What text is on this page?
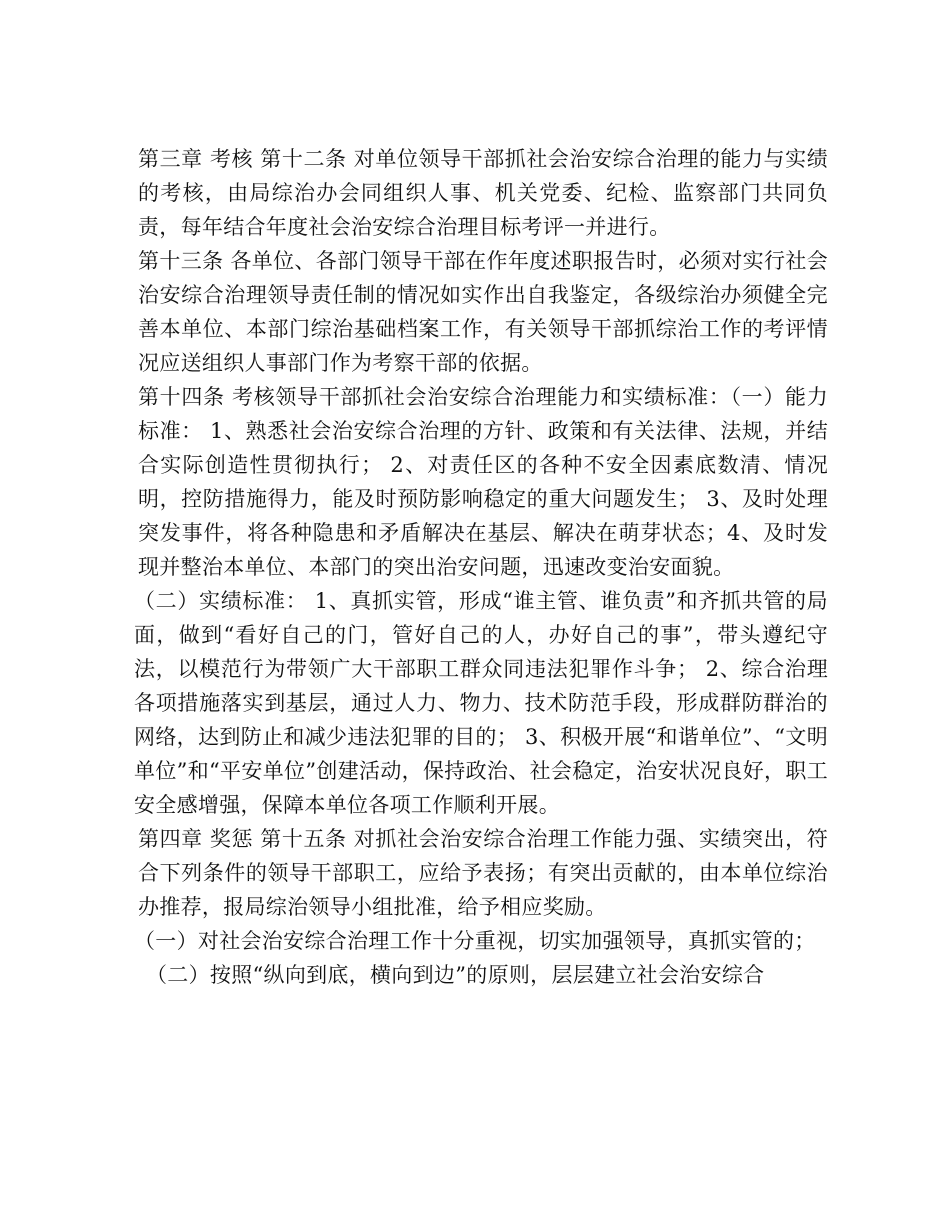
第三章 考核 第十二条 对单位领导干部抓社会治安综合治理的能力与实绩的考核，由局综治办会同组织人事、机关党委、纪检、监察部门共同负责，每年结合年度社会治安综合治理目标考评一并进行。

第十三条 各单位、各部门领导干部在作年度述职报告时，必须对实行社会治安综合治理领导责任制的情况如实作出自我鉴定，各级综治办须健全完善本单位、本部门综治基础档案工作，有关领导干部抓综治工作的考评情况应送组织人事部门作为考察干部的依据。

第十四条 考核领导干部抓社会治安综合治理能力和实绩标准：（一）能力标准： 1、熟悉社会治安综合治理的方针、政策和有关法律、法规，并结合实际创造性贯彻执行； 2、对责任区的各种不安全因素底数清、情况明，控防措施得力，能及时预防影响稳定的重大问题发生； 3、及时处理突发事件，将各种隐患和矛盾解决在基层、解决在萌芽状态；4、及时发现并整治本单位、本部门的突出治安问题，迅速改变治安面貌。

（二）实绩标准： 1、真抓实管，形成“谁主管、谁负责”和齐抓共管的局面，做到“看好自己的门，管好自己的人，办好自己的事”，带头遵纪守法，以模范行为带领广大干部职工群众同违法犯罪作斗争； 2、综合治理各项措施落实到基层，通过人力、物力、技术防范手段，形成群防群治的网络，达到防止和减少违法犯罪的目的； 3、积极开展“和谐单位”、“文明单位”和“平安单位”创建活动，保持政治、社会稳定，治安状况良好，职工安全感增强，保障本单位各项工作顺利开展。

第四章 奖惩 第十五条 对抓社会治安综合治理工作能力强、实绩突出，符合下列条件的领导干部职工，应给予表扬；有突出贡献的，由本单位综治办推荐，报局综治领导小组批准，给予相应奖励。

（一）对社会治安综合治理工作十分重视，切实加强领导，真抓实管的；

（二）按照“纵向到底，横向到边”的原则，层层建立社会治安综合
